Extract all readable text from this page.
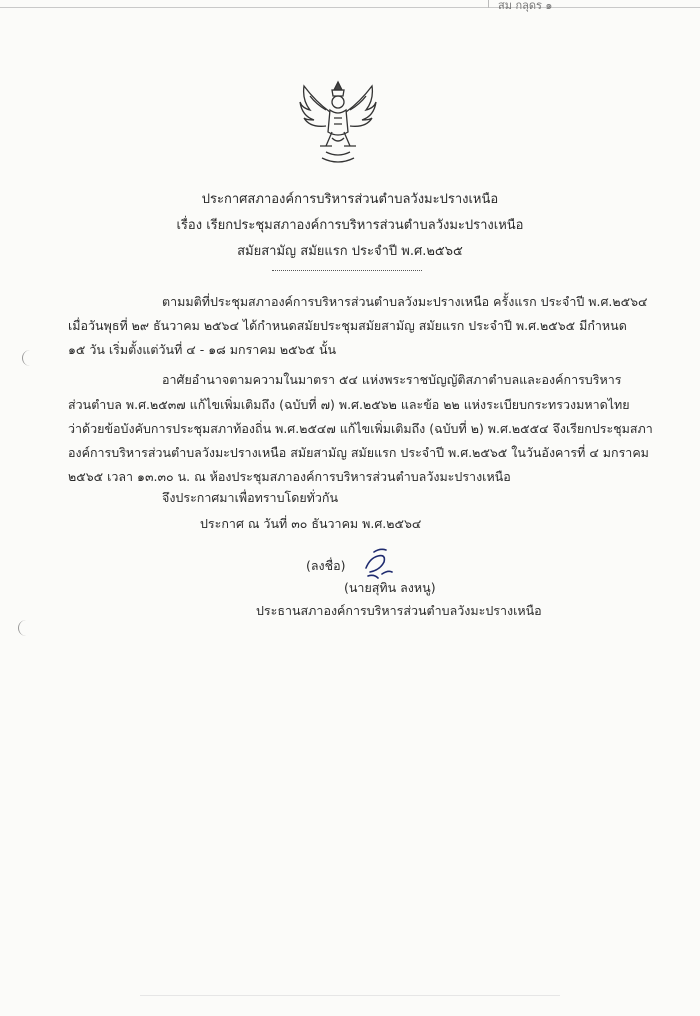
สม กลุดร ๑
ประกาศสภาองค์การบริหารส่วนตำบลวังมะปรางเหนือ
เรื่อง เรียกประชุมสภาองค์การบริหารส่วนตำบลวังมะปรางเหนือ
สมัยสามัญ สมัยแรก ประจำปี พ.ศ.๒๕๖๕
ตามมติที่ประชุมสภาองค์การบริหารส่วนตำบลวังมะปรางเหนือ ครั้งแรก ประจำปี พ.ศ.๒๕๖๔
เมื่อวันพุธที่ ๒๙ ธันวาคม ๒๕๖๔ ได้กำหนดสมัยประชุมสมัยสามัญ สมัยแรก ประจำปี พ.ศ.๒๕๖๕ มีกำหนด
๑๕ วัน เริ่มตั้งแต่วันที่ ๔ - ๑๘ มกราคม ๒๕๖๕ นั้น
อาศัยอำนาจตามความในมาตรา ๕๔ แห่งพระราชบัญญัติสภาตำบลและองค์การบริหาร
ส่วนตำบล พ.ศ.๒๕๓๗ แก้ไขเพิ่มเติมถึง (ฉบับที่ ๗) พ.ศ.๒๕๖๒ และข้อ ๒๒ แห่งระเบียบกระทรวงมหาดไทย
ว่าด้วยข้อบังคับการประชุมสภาท้องถิ่น พ.ศ.๒๕๔๗ แก้ไขเพิ่มเติมถึง (ฉบับที่ ๒) พ.ศ.๒๕๕๔ จึงเรียกประชุมสภา
องค์การบริหารส่วนตำบลวังมะปรางเหนือ สมัยสามัญ สมัยแรก ประจำปี พ.ศ.๒๕๖๕ ในวันอังคารที่ ๔ มกราคม
๒๕๖๕ เวลา ๑๓.๓๐ น. ณ ห้องประชุมสภาองค์การบริหารส่วนตำบลวังมะปรางเหนือ
จึงประกาศมาเพื่อทราบโดยทั่วกัน
ประกาศ ณ วันที่ ๓๐ ธันวาคม พ.ศ.๒๕๖๔
(ลงชื่อ)
(นายสุทิน ลงหนู)
ประธานสภาองค์การบริหารส่วนตำบลวังมะปรางเหนือ
